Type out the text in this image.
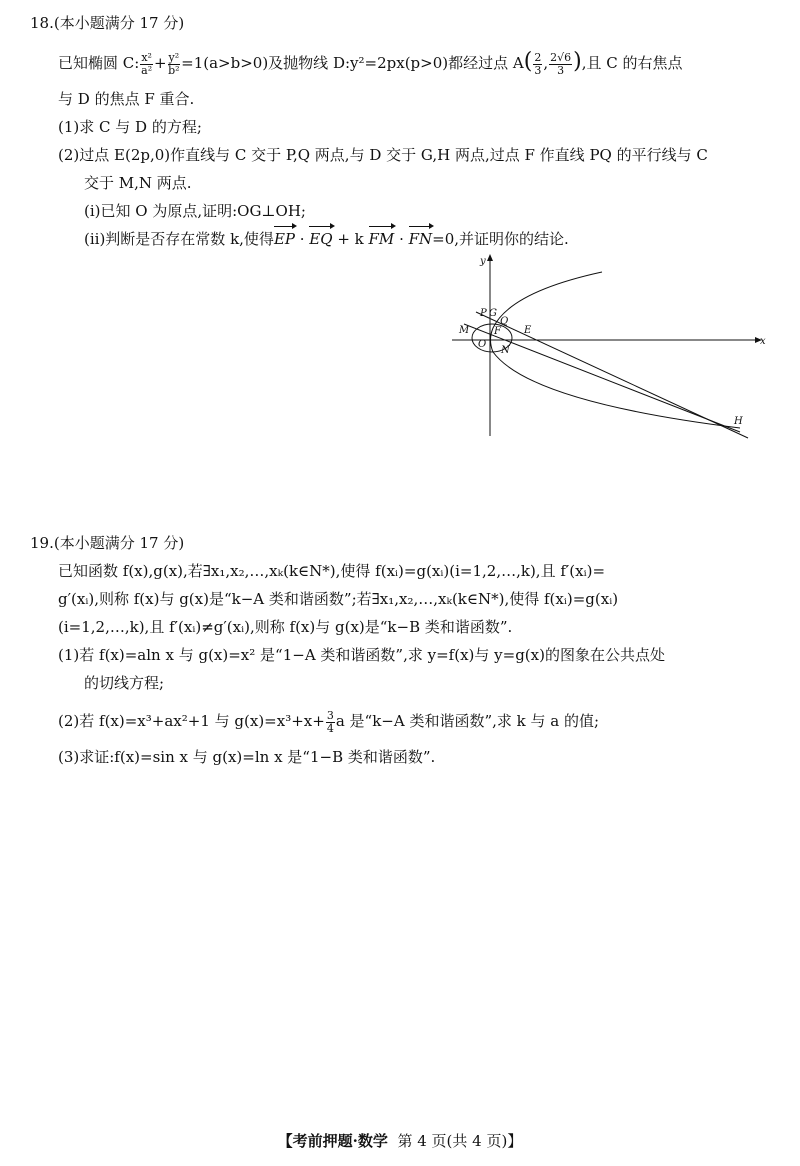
18.(本小题满分 17 分)
已知椭圆 C: $\frac{\text{x²}}{\text{a²}} + \frac{\text{y²}}{\text{b²}} =1(a>b>0)$及抛物线 D:y²=2px(p>0)都经过点 $A( \frac{2}{3}$ , $\frac{2√6}{3}$ ),且 C 的右焦点
与 D 的焦点 F 重合.
(1)求 C 与 D 的方程;
(2)过点 E(2p,0)作直线与 C 交于 P,Q 两点,与 D 交于 G,H 两点,过点 F 作直线 PQ 的平行线与 C
交于 M,N 两点.
(ⅰ)已知 O 为原点,证明:OG⊥OH;
(ⅱ)判断是否存在常数 k,使得EP · EQ + k FM · FN=0,并证明你的结论.
y
x
P G
Q
M F E
O
N
H
19.(本小题满分 17 分)
已知函数 f(x),g(x),若∃x₁,x₂,…,xₖ(k∈N*),使得 f(xᵢ)=g(xᵢ)(i=1,2,…,k),且 f′(xᵢ)=
g′(xᵢ),则称 f(x)与 g(x)是“k−A 类和谐函数”;若∃x₁,x₂,…,xₖ(k∈N*),使得 f(xᵢ)=g(xᵢ)
(i=1,2,…,k),且 f′(xᵢ)≠g′(xᵢ),则称 f(x)与 g(x)是“k−B 类和谐函数”.
(1)若 f(x)=aln x 与 g(x)=x² 是“1−A 类和谐函数”,求 y=f(x)与 y=g(x)的图象在公共点处
的切线方程;
(2)若 f(x)=x³+ax²+1 与 $g(x)=x^3+x+ \frac{3}{4}$ a 是“k−A 类和谐函数”,求 k 与 a 的值;
(3)求证:f(x)=sin x 与 g(x)=ln x 是“1−B 类和谐函数”.
【考前押题·数学 第 4 页(共 4 页)】
